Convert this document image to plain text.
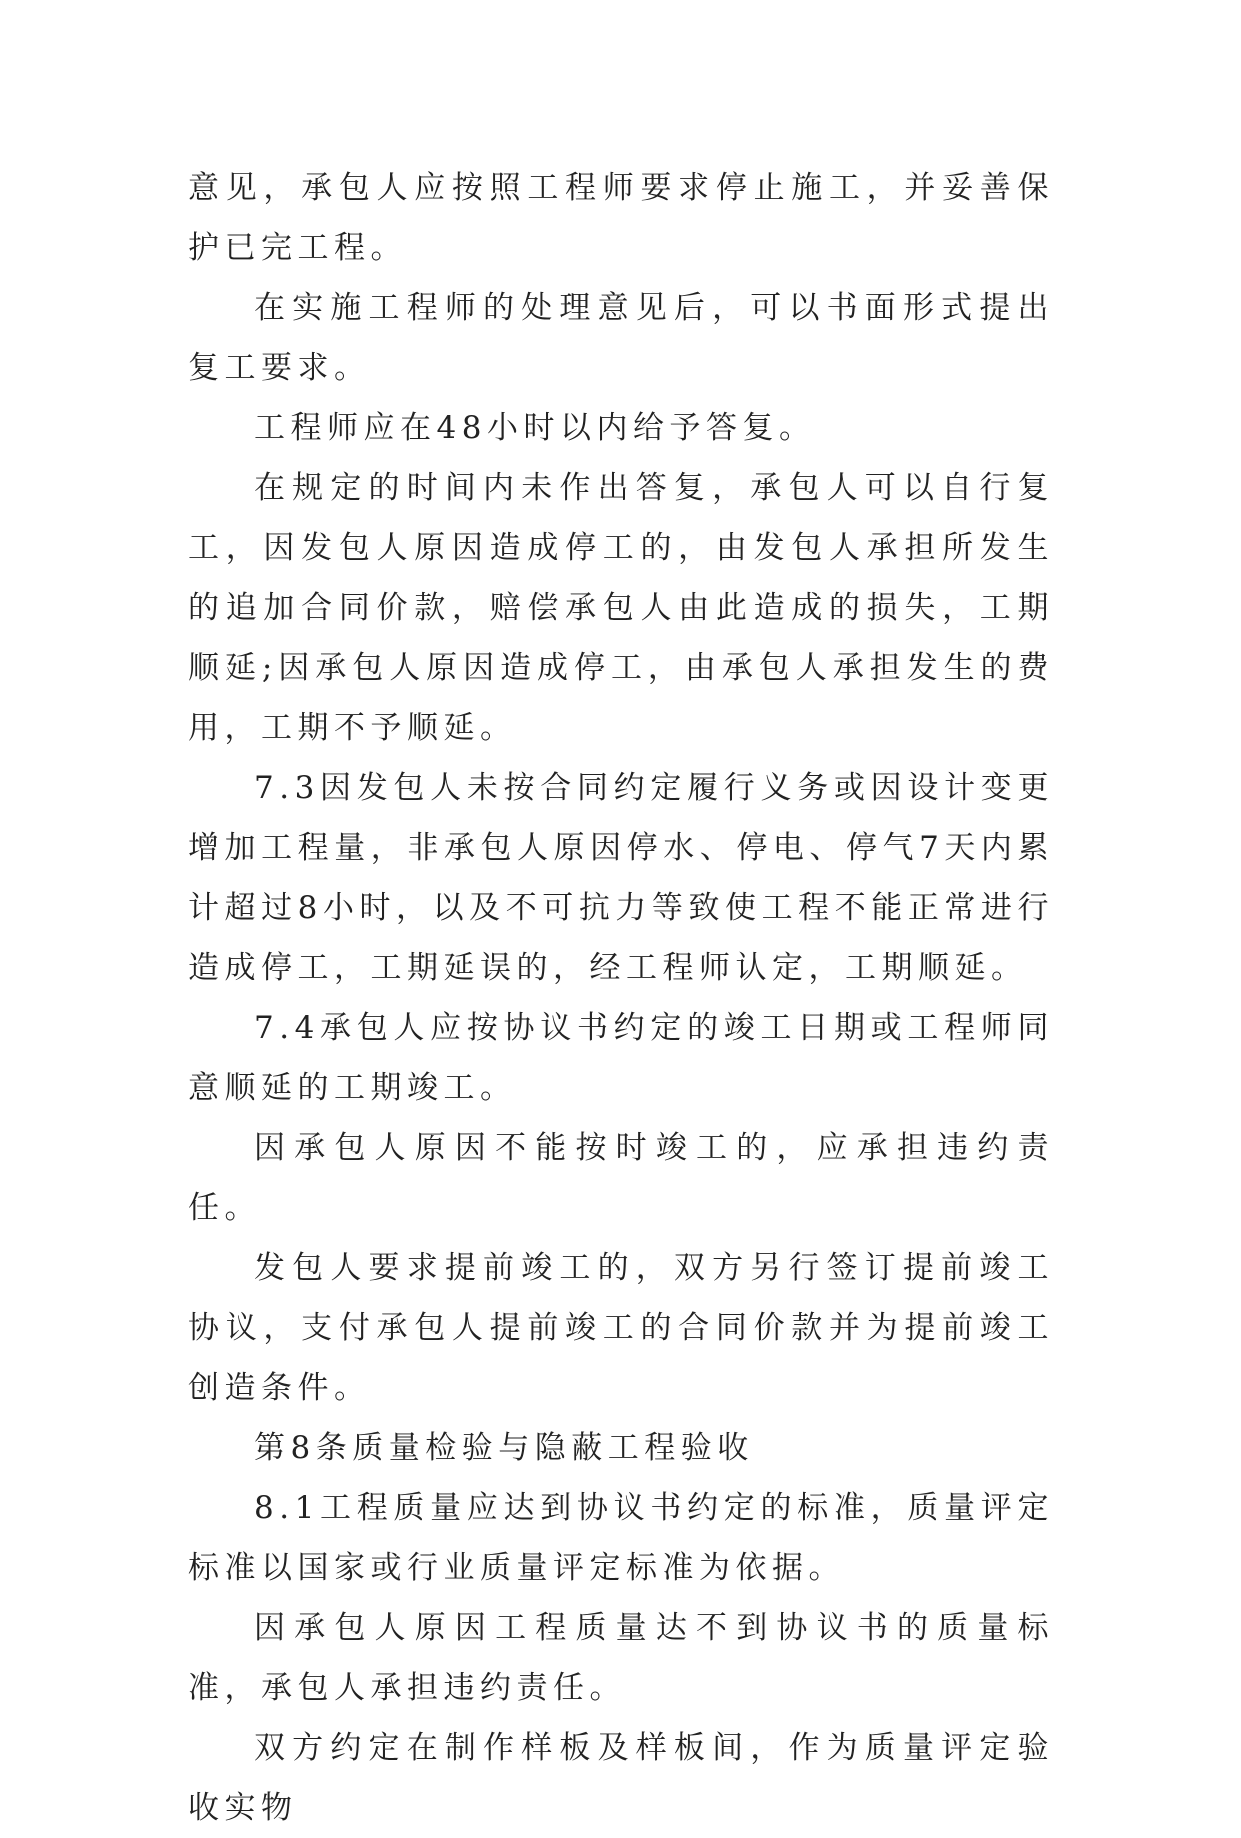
意见，承包人应按照工程师要求停止施工，并妥善保护已完工程。

在实施工程师的处理意见后，可以书面形式提出复工要求。

工程师应在48小时以内给予答复。

在规定的时间内未作出答复，承包人可以自行复工，因发包人原因造成停工的，由发包人承担所发生的追加合同价款，赔偿承包人由此造成的损失，工期顺延;因承包人原因造成停工，由承包人承担发生的费用，工期不予顺延。

7.3因发包人未按合同约定履行义务或因设计变更增加工程量，非承包人原因停水、停电、停气7天内累计超过8小时，以及不可抗力等致使工程不能正常进行造成停工，工期延误的，经工程师认定，工期顺延。

7.4承包人应按协议书约定的竣工日期或工程师同意顺延的工期竣工。

因承包人原因不能按时竣工的，应承担违约责任。

发包人要求提前竣工的，双方另行签订提前竣工协议，支付承包人提前竣工的合同价款并为提前竣工创造条件。

第8条质量检验与隐蔽工程验收

8.1工程质量应达到协议书约定的标准，质量评定标准以国家或行业质量评定标准为依据。

因承包人原因工程质量达不到协议书的质量标准，承包人承担违约责任。

双方约定在制作样板及样板间，作为质量评定验收实物
